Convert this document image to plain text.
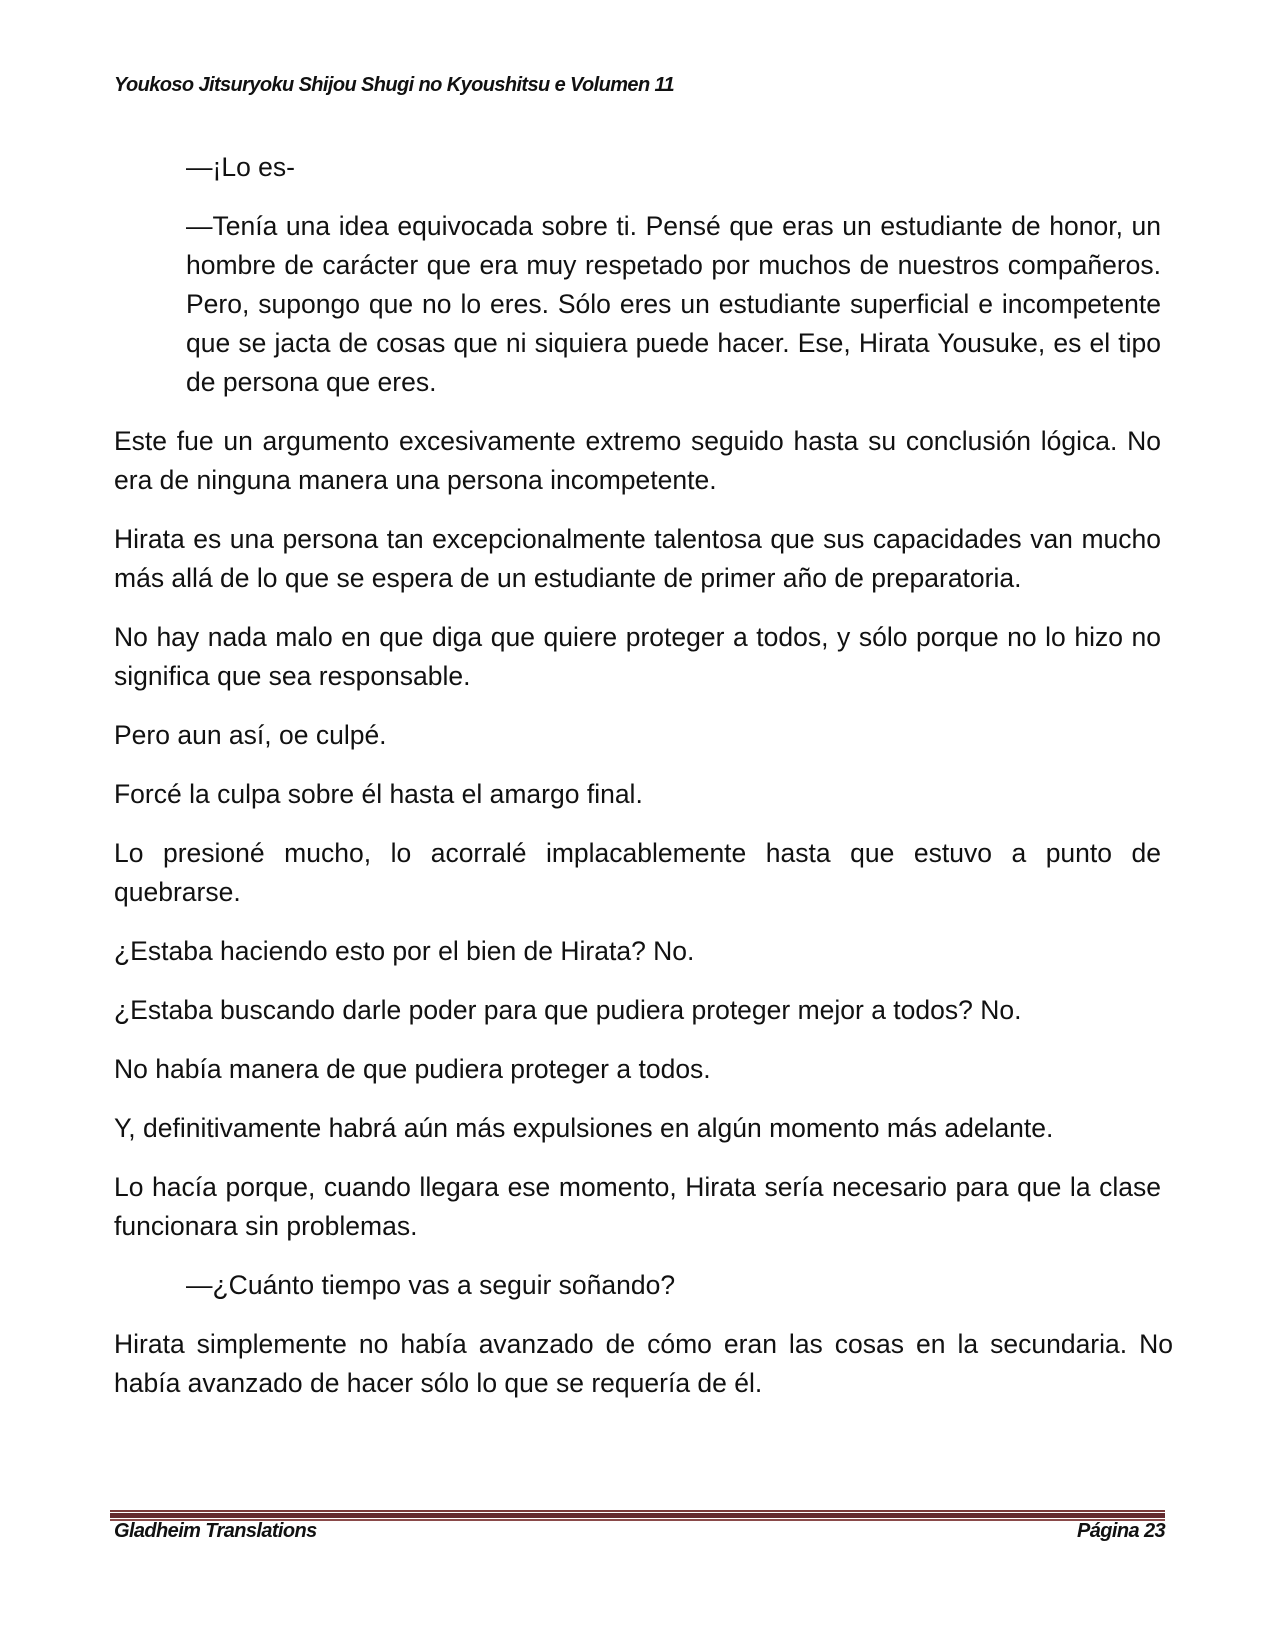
Youkoso Jitsuryoku Shijou Shugi no Kyoushitsu e Volumen 11

—¡Lo es-

—Tenía una idea equivocada sobre ti. Pensé que eras un estudiante de honor, un hombre de carácter que era muy respetado por muchos de nuestros compañeros. Pero, supongo que no lo eres. Sólo eres un estudiante superficial e incompetente que se jacta de cosas que ni siquiera puede hacer. Ese, Hirata Yousuke, es el tipo de persona que eres.

Este fue un argumento excesivamente extremo seguido hasta su conclusión lógica. No era de ninguna manera una persona incompetente.

Hirata es una persona tan excepcionalmente talentosa que sus capacidades van mucho más allá de lo que se espera de un estudiante de primer año de preparatoria.

No hay nada malo en que diga que quiere proteger a todos, y sólo porque no lo hizo no significa que sea responsable.

Pero aun así, oe culpé.

Forcé la culpa sobre él hasta el amargo final.

Lo presioné mucho, lo acorralé implacablemente hasta que estuvo a punto de quebrarse.

¿Estaba haciendo esto por el bien de Hirata? No.

¿Estaba buscando darle poder para que pudiera proteger mejor a todos? No.

No había manera de que pudiera proteger a todos.

Y, definitivamente habrá aún más expulsiones en algún momento más adelante.

Lo hacía porque, cuando llegara ese momento, Hirata sería necesario para que la clase funcionara sin problemas.

—¿Cuánto tiempo vas a seguir soñando?

Hirata simplemente no había avanzado de cómo eran las cosas en la secundaria. No había avanzado de hacer sólo lo que se requería de él.

Gladheim Translations	Página 23
